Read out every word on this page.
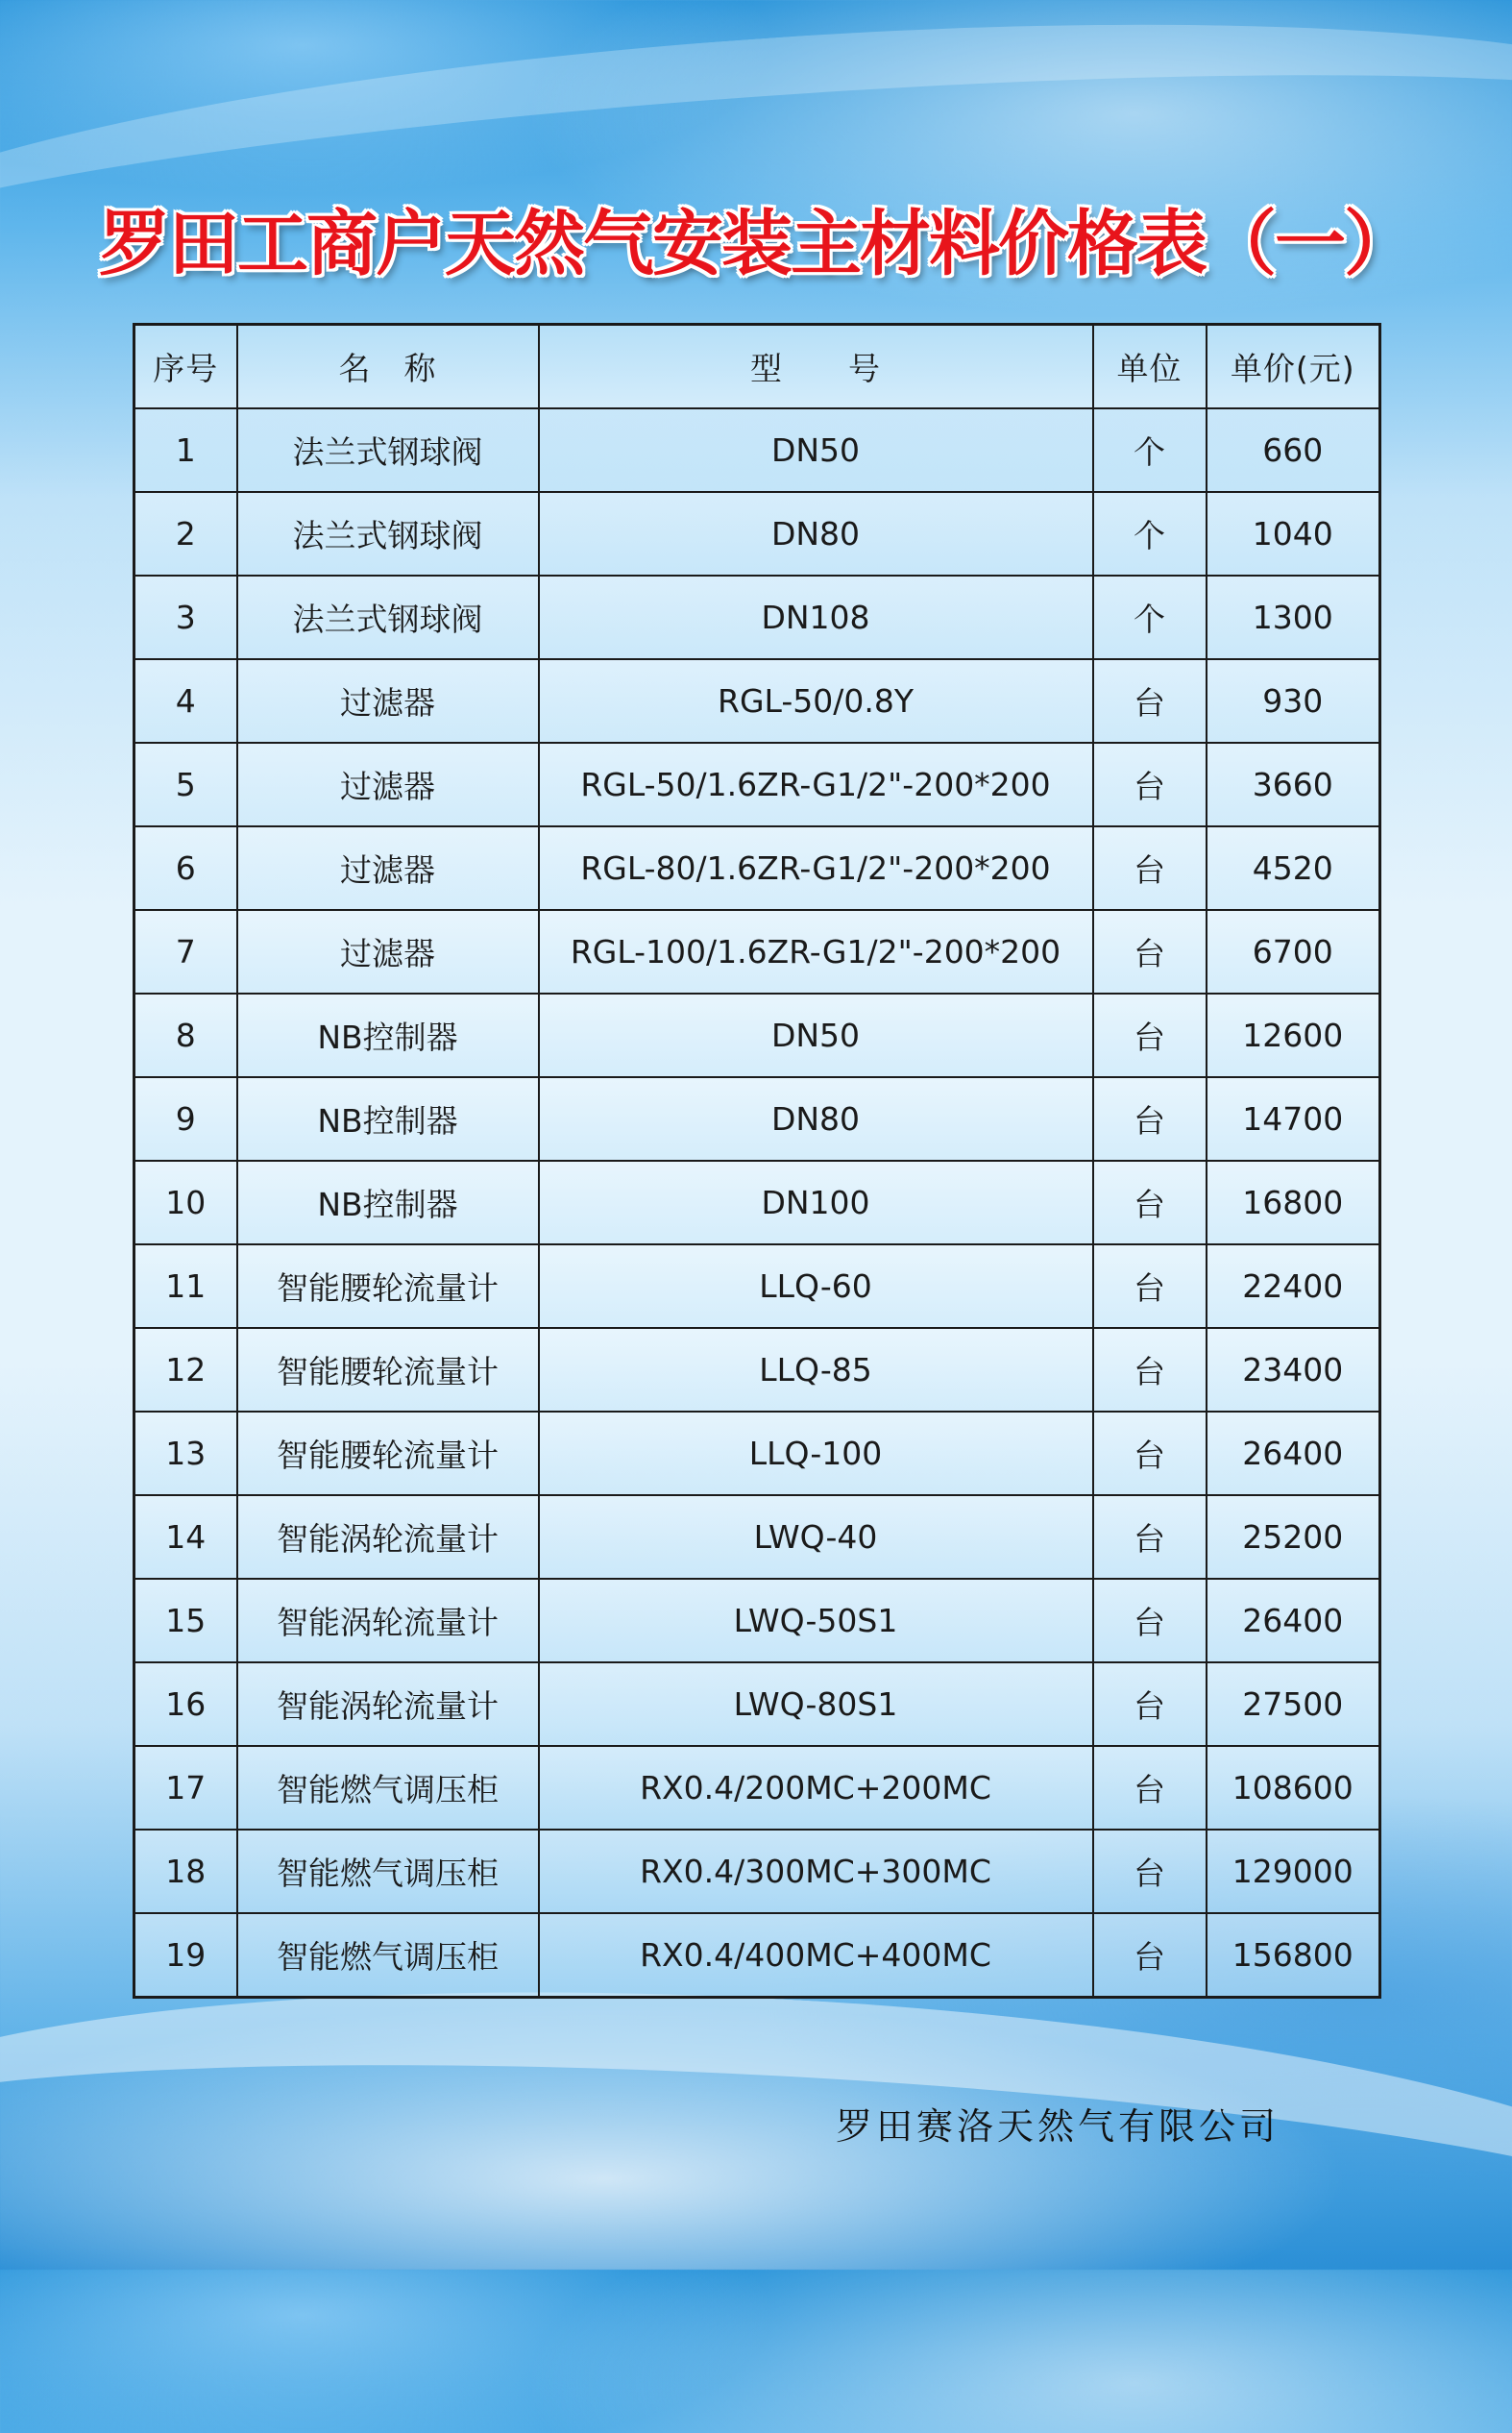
罗田工商户天然气安装主材料价格表（一）
序号	名　称	型　　号	单位	单价(元)
1	法兰式钢球阀	DN50	个	660
2	法兰式钢球阀	DN80	个	1040
3	法兰式钢球阀	DN108	个	1300
4	过滤器	RGL-50/0.8Y	台	930
5	过滤器	RGL-50/1.6ZR-G1/2"-200*200	台	3660
6	过滤器	RGL-80/1.6ZR-G1/2"-200*200	台	4520
7	过滤器	RGL-100/1.6ZR-G1/2"-200*200	台	6700
8	NB控制器	DN50	台	12600
9	NB控制器	DN80	台	14700
10	NB控制器	DN100	台	16800
11	智能腰轮流量计	LLQ-60	台	22400
12	智能腰轮流量计	LLQ-85	台	23400
13	智能腰轮流量计	LLQ-100	台	26400
14	智能涡轮流量计	LWQ-40	台	25200
15	智能涡轮流量计	LWQ-50S1	台	26400
16	智能涡轮流量计	LWQ-80S1	台	27500
17	智能燃气调压柜	RX0.4/200MC+200MC	台	108600
18	智能燃气调压柜	RX0.4/300MC+300MC	台	129000
19	智能燃气调压柜	RX0.4/400MC+400MC	台	156800
罗田赛洛天然气有限公司
